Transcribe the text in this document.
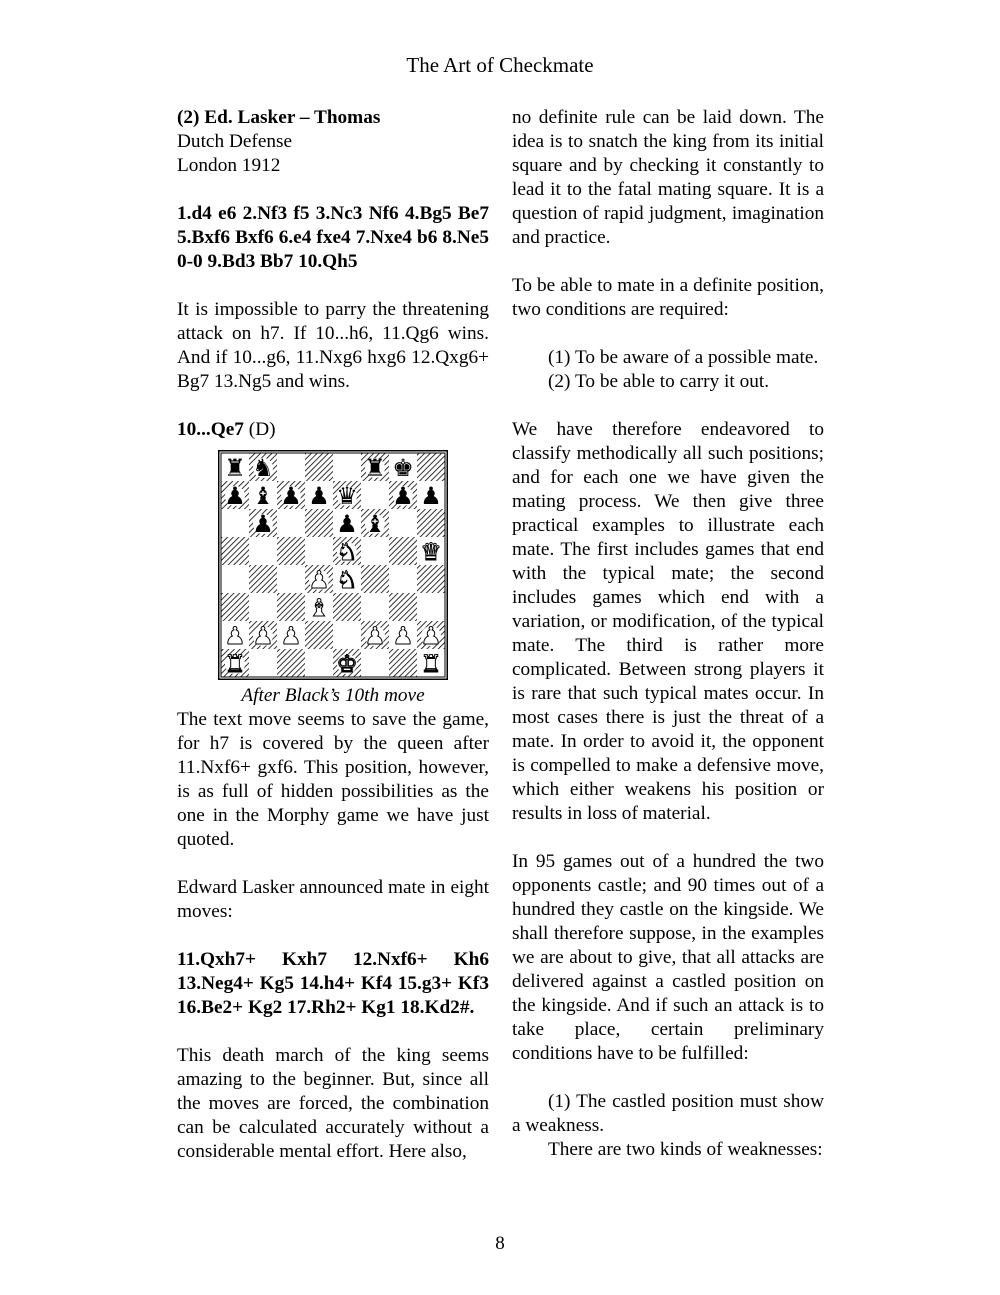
The Art of Checkmate

(2) Ed. Lasker – Thomas

Dutch Defense

London 1912

1.d4 e6 2.Nf3 f5 3.Nc3 Nf6 4.Bg5 Be7 5.Bxf6 Bxf6 6.e4 fxe4 7.Nxe4 b6 8.Ne5 0-0 9.Bd3 Bb7 10.Qh5

It is impossible to parry the threatening attack on h7. If 10...h6, 11.Qg6 wins. And if 10...g6, 11.Nxg6 hxg6 12.Qxg6+ Bg7 13.Ng5 and wins.

10...Qe7 (D)

♜ ♞	♜ ♚
♟ ♝ ♟ ♟ ♛ ♟ ♟
♟	♟ ♝
♞	♛
♟ ♞
♝
♟ ♟ ♟	♟ ♟ ♟
♜	♚	♜
After Black’s 10th move

The text move seems to save the game, for h7 is covered by the queen after 11.Nxf6+ gxf6. This position, however, is as full of hidden possibilities as the one in the Morphy game we have just quoted.

Edward Lasker announced mate in eight moves:

11.Qxh7+ Kxh7 12.Nxf6+ Kh6 13.Neg4+ Kg5 14.h4+ Kf4 15.g3+ Kf3 16.Be2+ Kg2 17.Rh2+ Kg1 18.Kd2#.

This death march of the king seems amazing to the beginner. But, since all the moves are forced, the combination can be calculated accurately without a considerable mental effort. Here also,

no definite rule can be laid down. The idea is to snatch the king from its initial square and by checking it constantly to lead it to the fatal mating square. It is a question of rapid judgment, imagination and practice.

To be able to mate in a definite position, two conditions are required:

(1) To be aware of a possible mate.

(2) To be able to carry it out.

We have therefore endeavored to classify methodically all such positions; and for each one we have given the mating process. We then give three practical examples to illustrate each mate. The first includes games that end with the typical mate; the second includes games which end with a variation, or modification, of the typical mate. The third is rather more complicated. Between strong players it is rare that such typical mates occur. In most cases there is just the threat of a mate. In order to avoid it, the opponent is compelled to make a defensive move, which either weakens his position or results in loss of material.

In 95 games out of a hundred the two opponents castle; and 90 times out of a hundred they castle on the kingside. We shall therefore suppose, in the examples we are about to give, that all attacks are delivered against a castled position on the kingside. And if such an attack is to take place, certain preliminary conditions have to be fulfilled:

(1) The castled position must show a weakness.

There are two kinds of weaknesses:

8
